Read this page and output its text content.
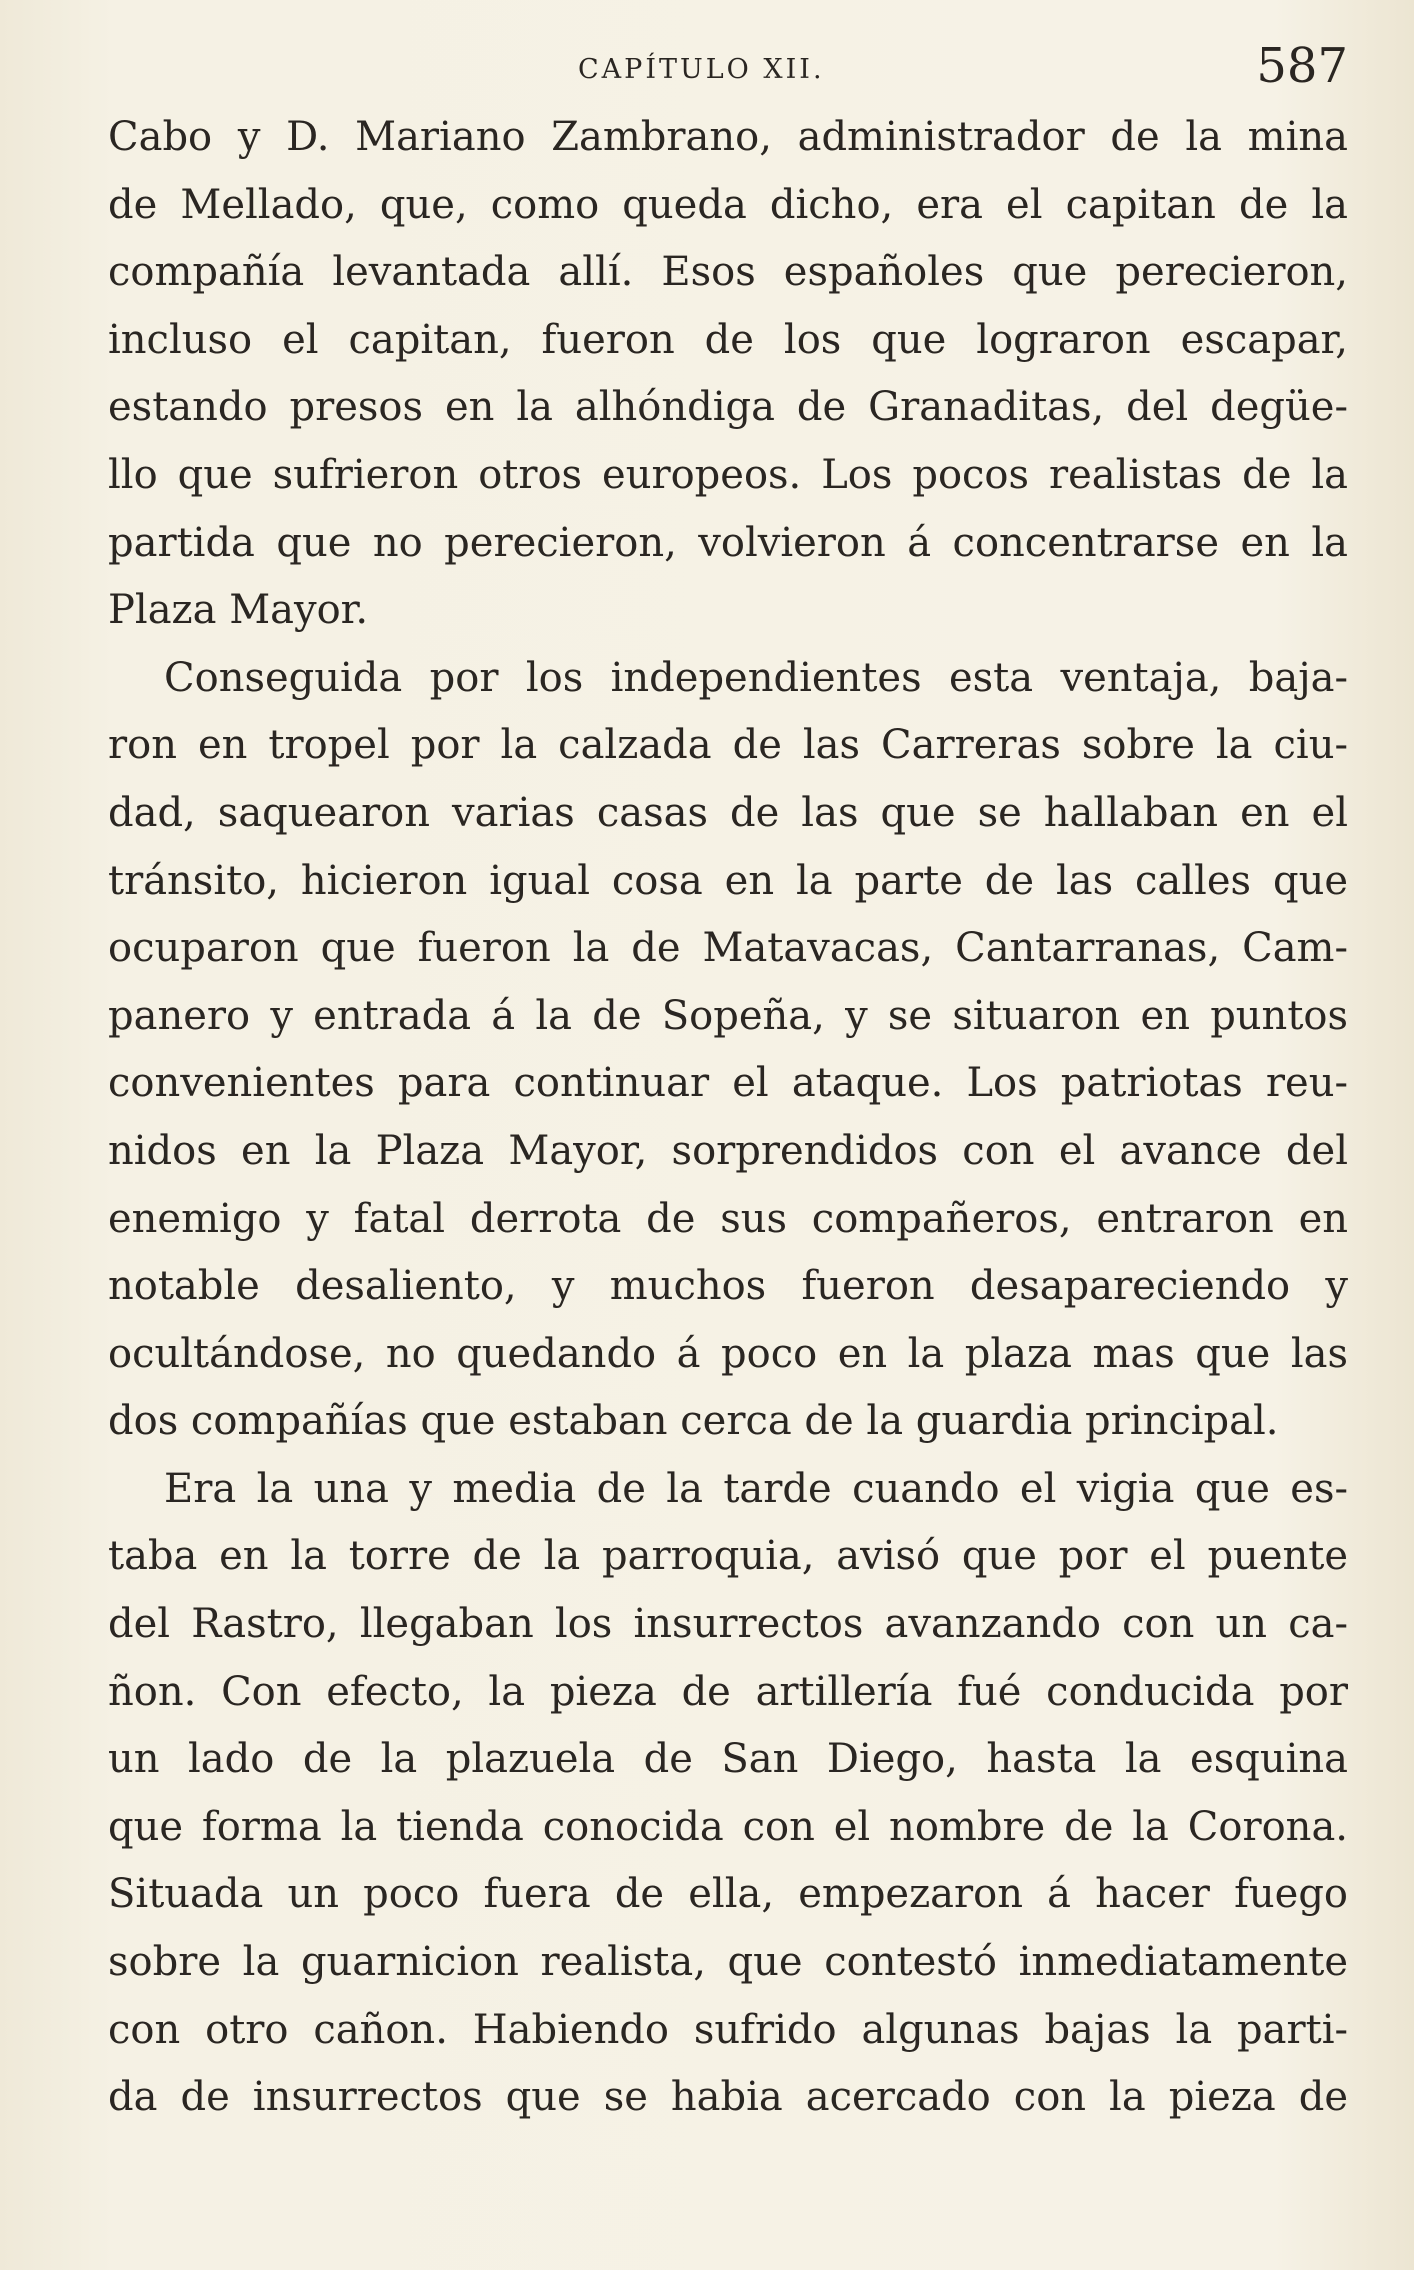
CAPÍTULO XII.	587
Cabo y D. Mariano Zambrano, administrador de la mina
de Mellado, que, como queda dicho, era el capitan de la
compañía levantada allí. Esos españoles que perecieron,
incluso el capitan, fueron de los que lograron escapar,
estando presos en la alhóndiga de Granaditas, del degüe-
llo que sufrieron otros europeos. Los pocos realistas de la
partida que no perecieron, volvieron á concentrarse en la
Plaza Mayor.
Conseguida por los independientes esta ventaja, baja-
ron en tropel por la calzada de las Carreras sobre la ciu-
dad, saquearon varias casas de las que se hallaban en el
tránsito, hicieron igual cosa en la parte de las calles que
ocuparon que fueron la de Matavacas, Cantarranas, Cam-
panero y entrada á la de Sopeña, y se situaron en puntos
convenientes para continuar el ataque. Los patriotas reu-
nidos en la Plaza Mayor, sorprendidos con el avance del
enemigo y fatal derrota de sus compañeros, entraron en
notable desaliento, y muchos fueron desapareciendo y
ocultándose, no quedando á poco en la plaza mas que las
dos compañías que estaban cerca de la guardia principal.
Era la una y media de la tarde cuando el vigia que es-
taba en la torre de la parroquia, avisó que por el puente
del Rastro, llegaban los insurrectos avanzando con un ca-
ñon. Con efecto, la pieza de artillería fué conducida por
un lado de la plazuela de San Diego, hasta la esquina
que forma la tienda conocida con el nombre de la Corona.
Situada un poco fuera de ella, empezaron á hacer fuego
sobre la guarnicion realista, que contestó inmediatamente
con otro cañon. Habiendo sufrido algunas bajas la parti-
da de insurrectos que se habia acercado con la pieza de
